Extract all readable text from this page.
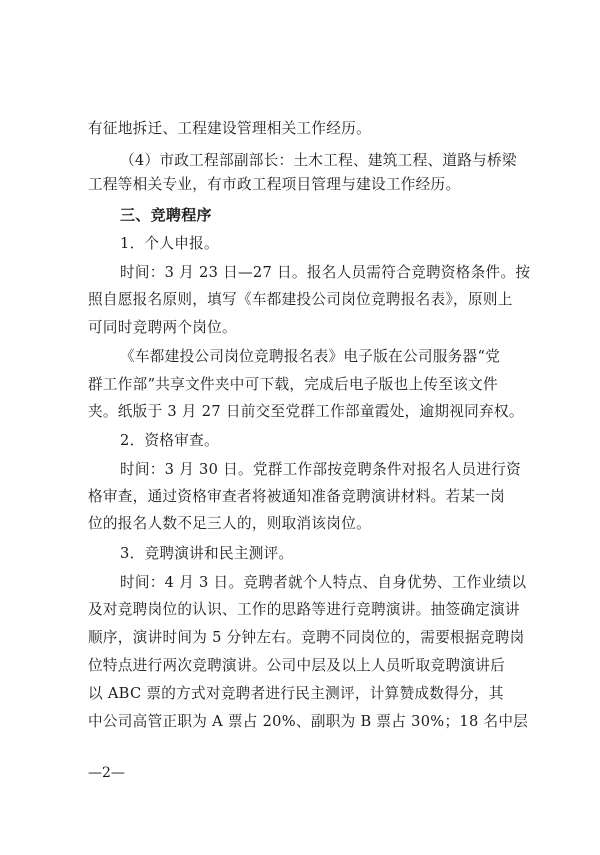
有征地拆迁、工程建设管理相关工作经历。
（4）市政工程部副部长：土木工程、建筑工程、道路与桥梁
工程等相关专业，有市政工程项目管理与建设工作经历。
三、竞聘程序
1．个人申报。
时间：3 月 23 日—27 日。报名人员需符合竞聘资格条件。按
照自愿报名原则，填写《车都建投公司岗位竞聘报名表》，原则上
可同时竞聘两个岗位。
《车都建投公司岗位竞聘报名表》电子版在公司服务器“党
群工作部”共享文件夹中可下载，完成后电子版也上传至该文件
夹。纸版于 3 月 27 日前交至党群工作部童霞处，逾期视同弃权。
2．资格审查。
时间：3 月 30 日。党群工作部按竞聘条件对报名人员进行资
格审查，通过资格审查者将被通知准备竞聘演讲材料。若某一岗
位的报名人数不足三人的，则取消该岗位。
3．竞聘演讲和民主测评。
时间：4 月 3 日。竞聘者就个人特点、自身优势、工作业绩以
及对竞聘岗位的认识、工作的思路等进行竞聘演讲。抽签确定演讲
顺序，演讲时间为 5 分钟左右。竞聘不同岗位的，需要根据竞聘岗
位特点进行两次竞聘演讲。公司中层及以上人员听取竞聘演讲后
以 ABC 票的方式对竞聘者进行民主测评，计算赞成数得分，其
中公司高管正职为 A 票占 20%、副职为 B 票占 30%；18 名中层
—2—
